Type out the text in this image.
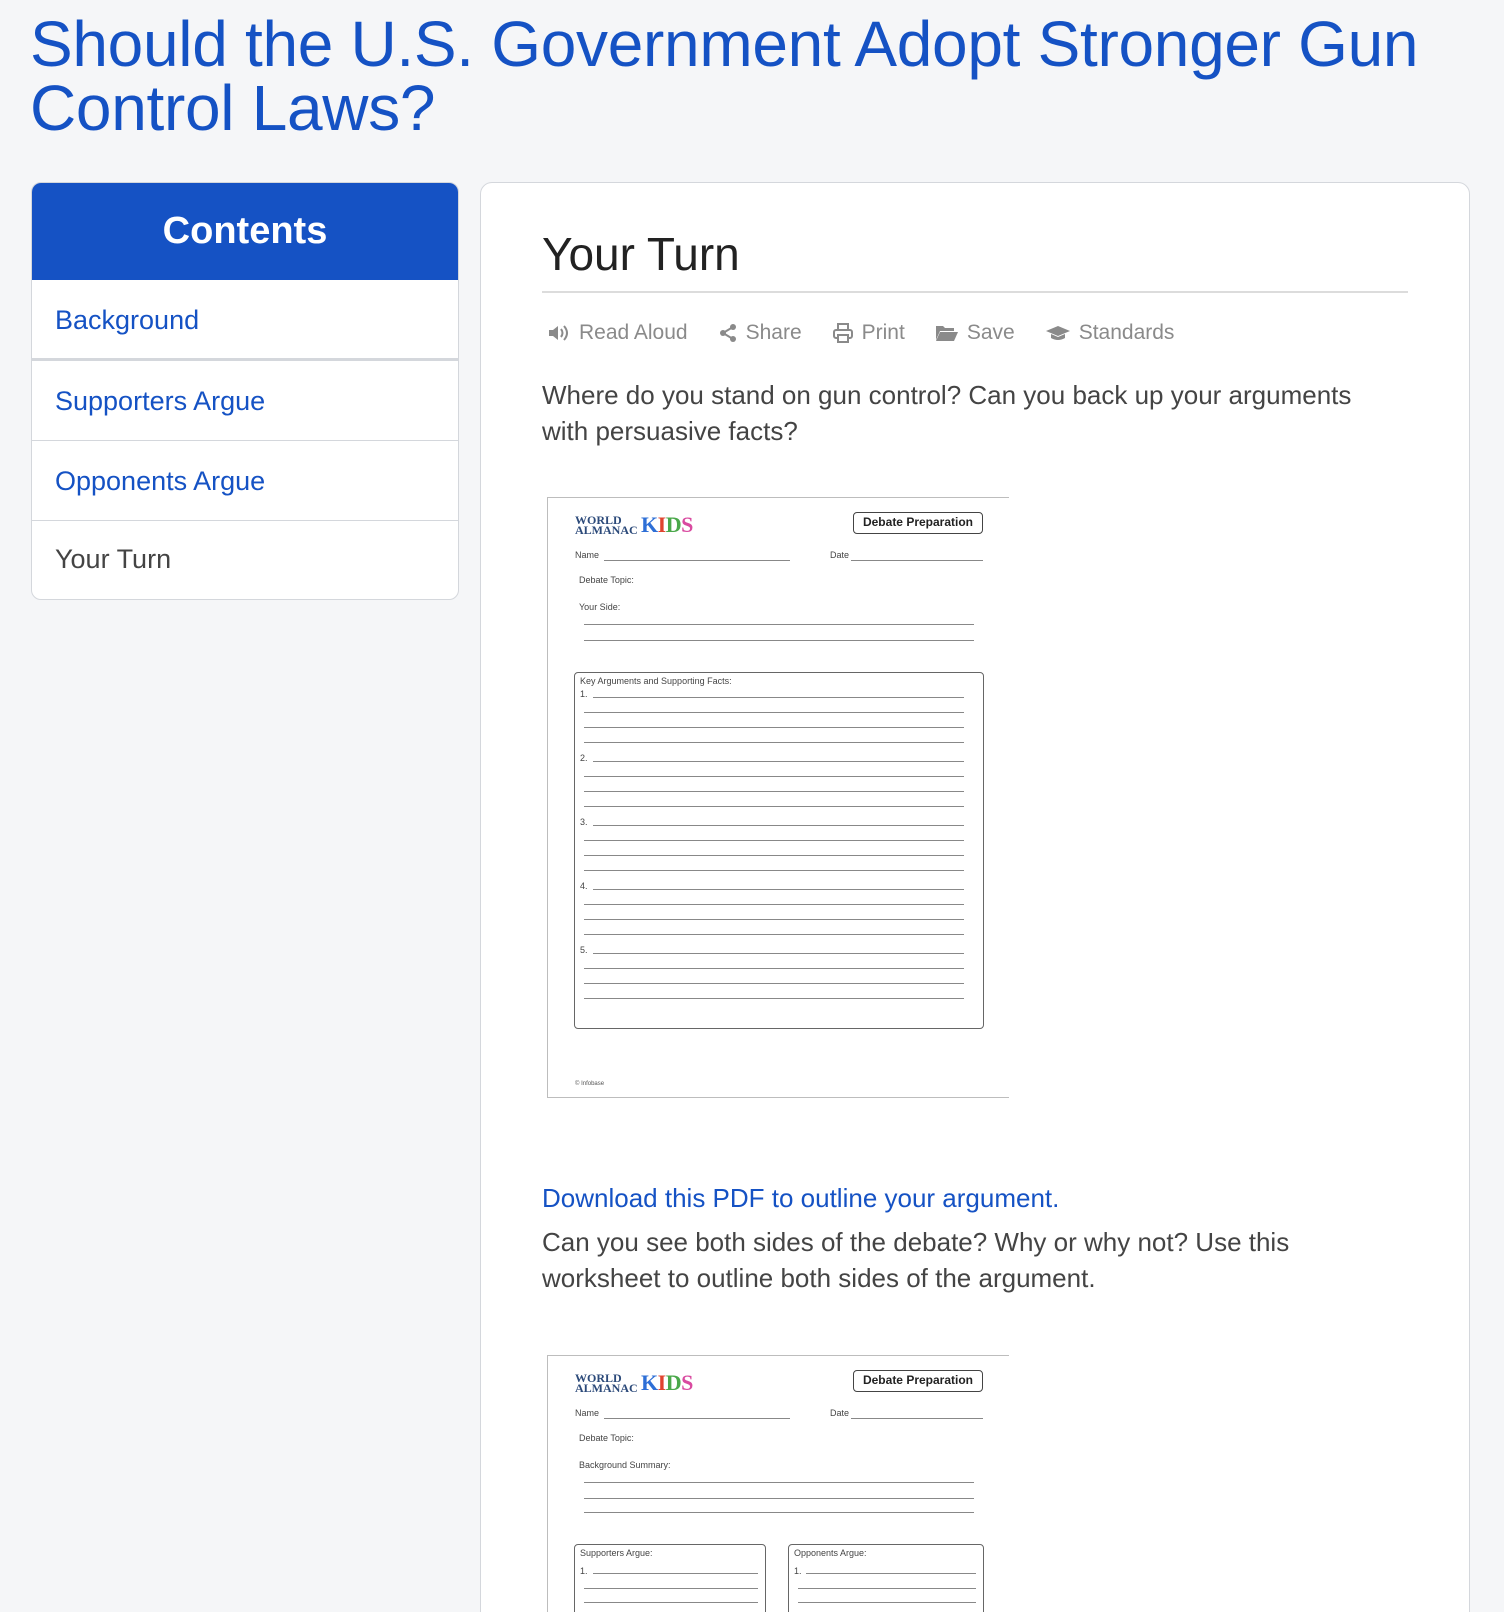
Should the U.S. Government Adopt Stronger Gun Control Laws?
Contents
Background
Supporters Argue
Opponents Argue
Your Turn
Your Turn
Read Aloud	Share	Print	Save	Standards

Where do you stand on gun control? Can you back up your arguments with persuasive facts?

WORLD ALMANAC KIDS	Debate Preparation
Name	Date
Debate Topic:
Your Side:
Key Arguments and Supporting Facts:
© Infobase
1.
2.
3.
4.
5.
Download this PDF to outline your argument.

Can you see both sides of the debate? Why or why not? Use this worksheet to outline both sides of the argument.

WORLD ALMANAC KIDS	Debate Preparation
Name	Date
Debate Topic:
Background Summary:
Supporters Argue:
1.
Opponents Argue:
1.
